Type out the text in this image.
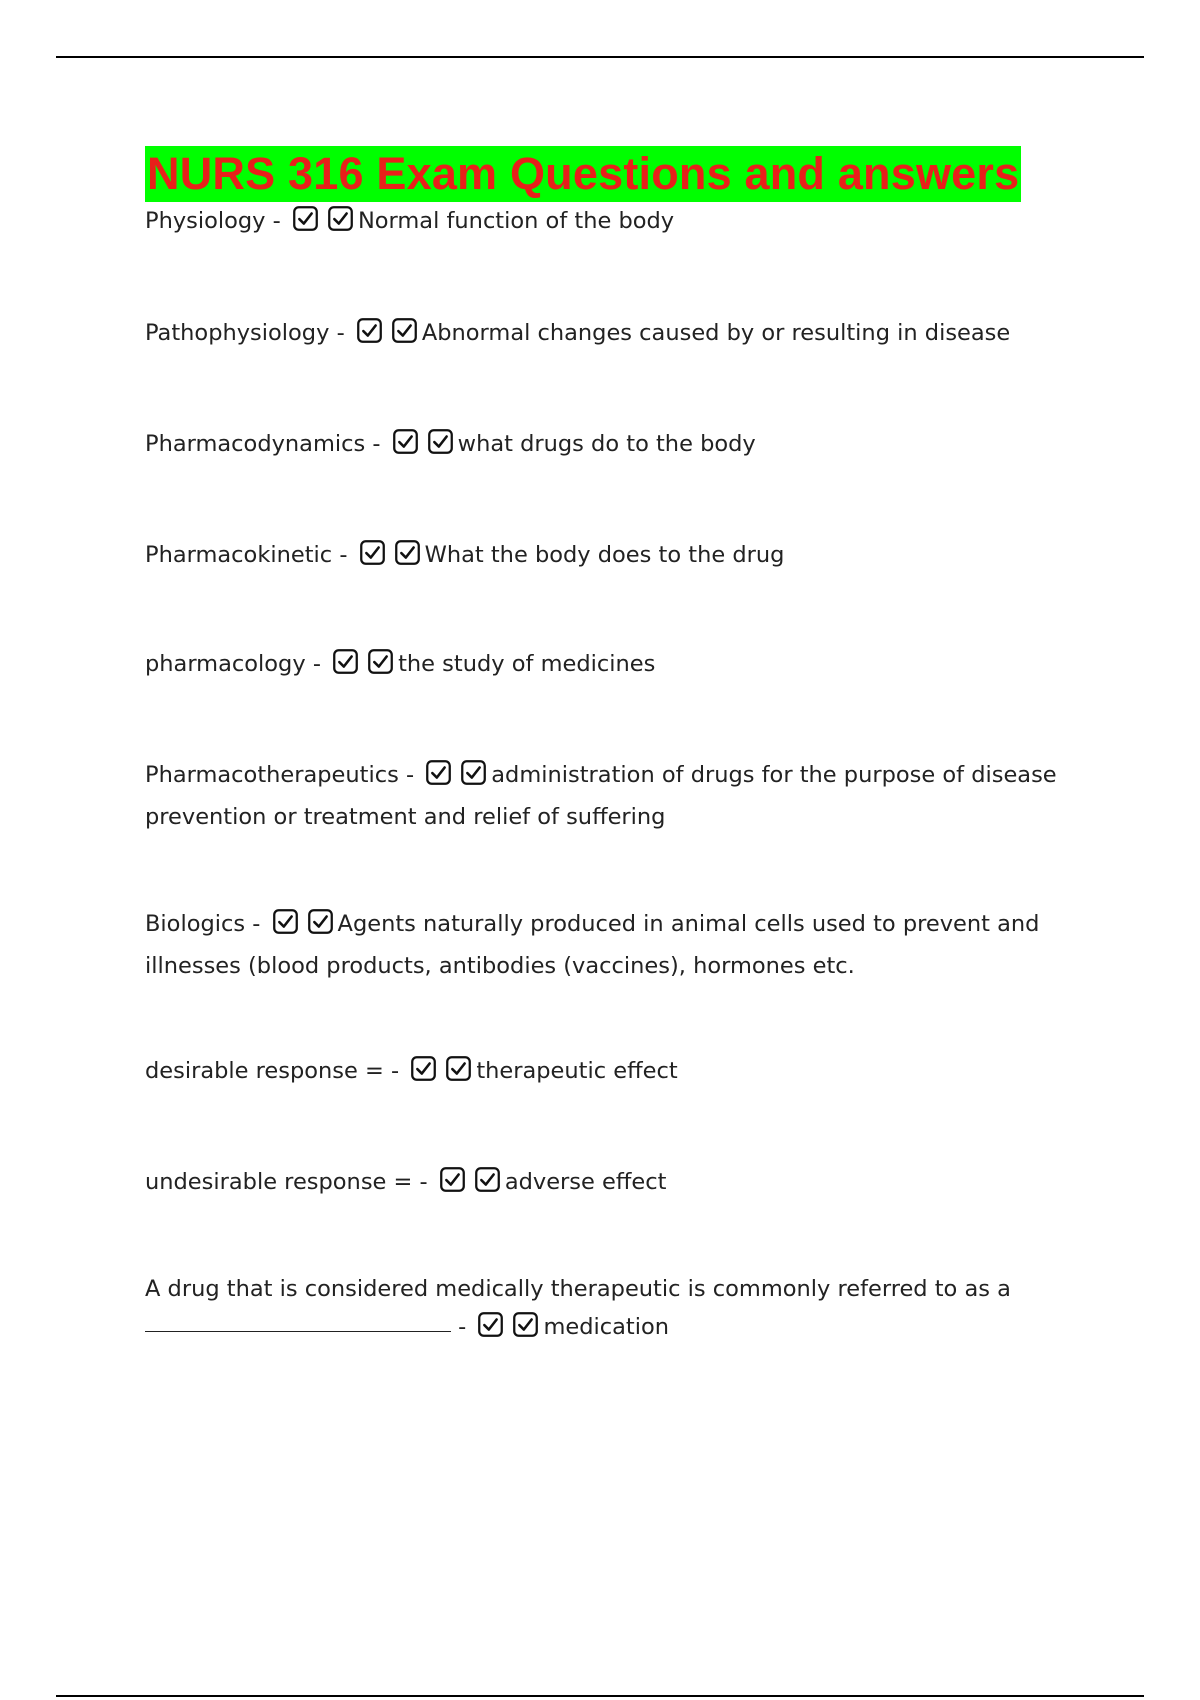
NURS 316 Exam Questions and answers
Physiology -	Normal function of the body
Pathophysiology -	Abnormal changes caused by or resulting in disease
Pharmacodynamics -	what drugs do to the body
Pharmacokinetic -	What the body does to the drug
pharmacology -	the study of medicines
Pharmacotherapeutics -	administration of drugs for the purpose of disease prevention or treatment and relief of suffering
Biologics -	Agents naturally produced in animal cells used to prevent and illnesses (blood products, antibodies (vaccines), hormones etc.
desirable response = -	therapeutic effect
undesirable response = -	adverse effect
A drug that is considered medically therapeutic is commonly referred to as a  -	medication
